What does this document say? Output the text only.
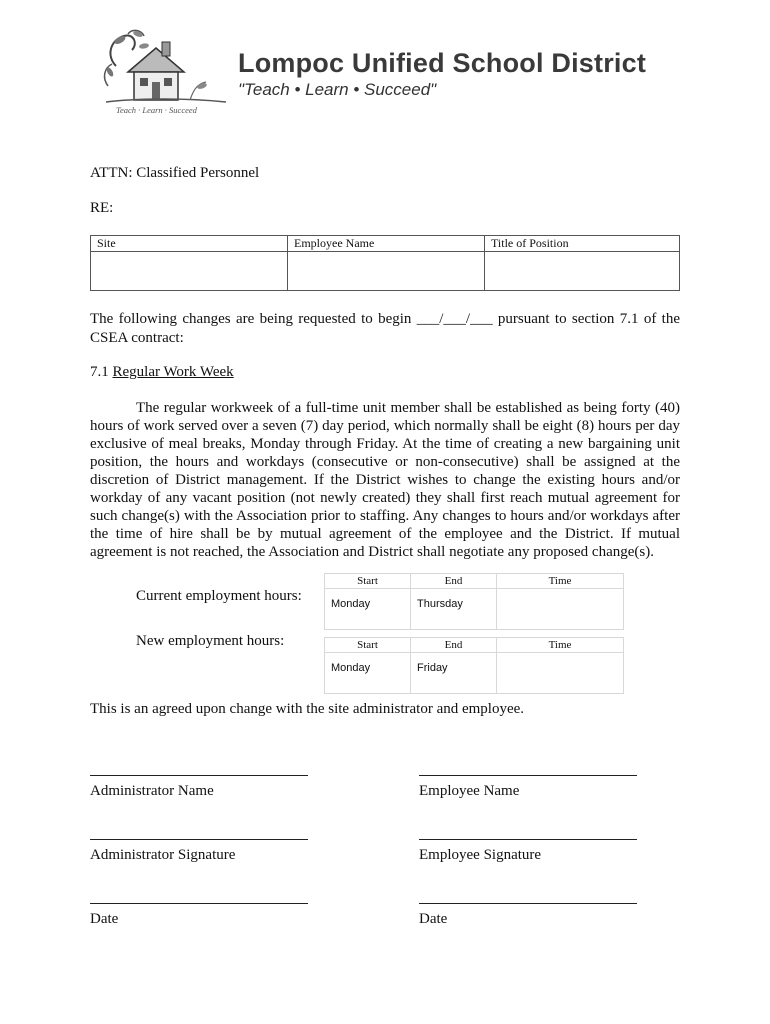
Teach · Learn · Succeed
Lompoc Unified School District
"Teach • Learn • Succeed"
ATTN: Classified Personnel
RE:
Site	Employee Name	Title of Position

The following changes are being requested to begin ___/___/___ pursuant to section 7.1 of the CSEA contract:
7.1 Regular Work Week
The regular workweek of a full-time unit member shall be established as being forty (40) hours of work served over a seven (7) day period, which normally shall be eight (8) hours per day exclusive of meal breaks, Monday through Friday. At the time of creating a new bargaining unit position, the hours and workdays (consecutive or non-consecutive) shall be assigned at the discretion of District management. If the District wishes to change the existing hours and/or workday of any vacant position (not newly created) they shall first reach mutual agreement for such change(s) with the Association prior to staffing. Any changes to hours and/or workdays after the time of hire shall be by mutual agreement of the employee and the District. If mutual agreement is not reached, the Association and District shall negotiate any proposed change(s).
Current employment hours:
Start	End	Time
Monday	Thursday	
New employment hours:	Start	End	Time
Monday	Friday	
This is an agreed upon change with the site administrator and employee.
Administrator Name	Employee Name
Administrator Signature	Employee Signature
Date	Date
